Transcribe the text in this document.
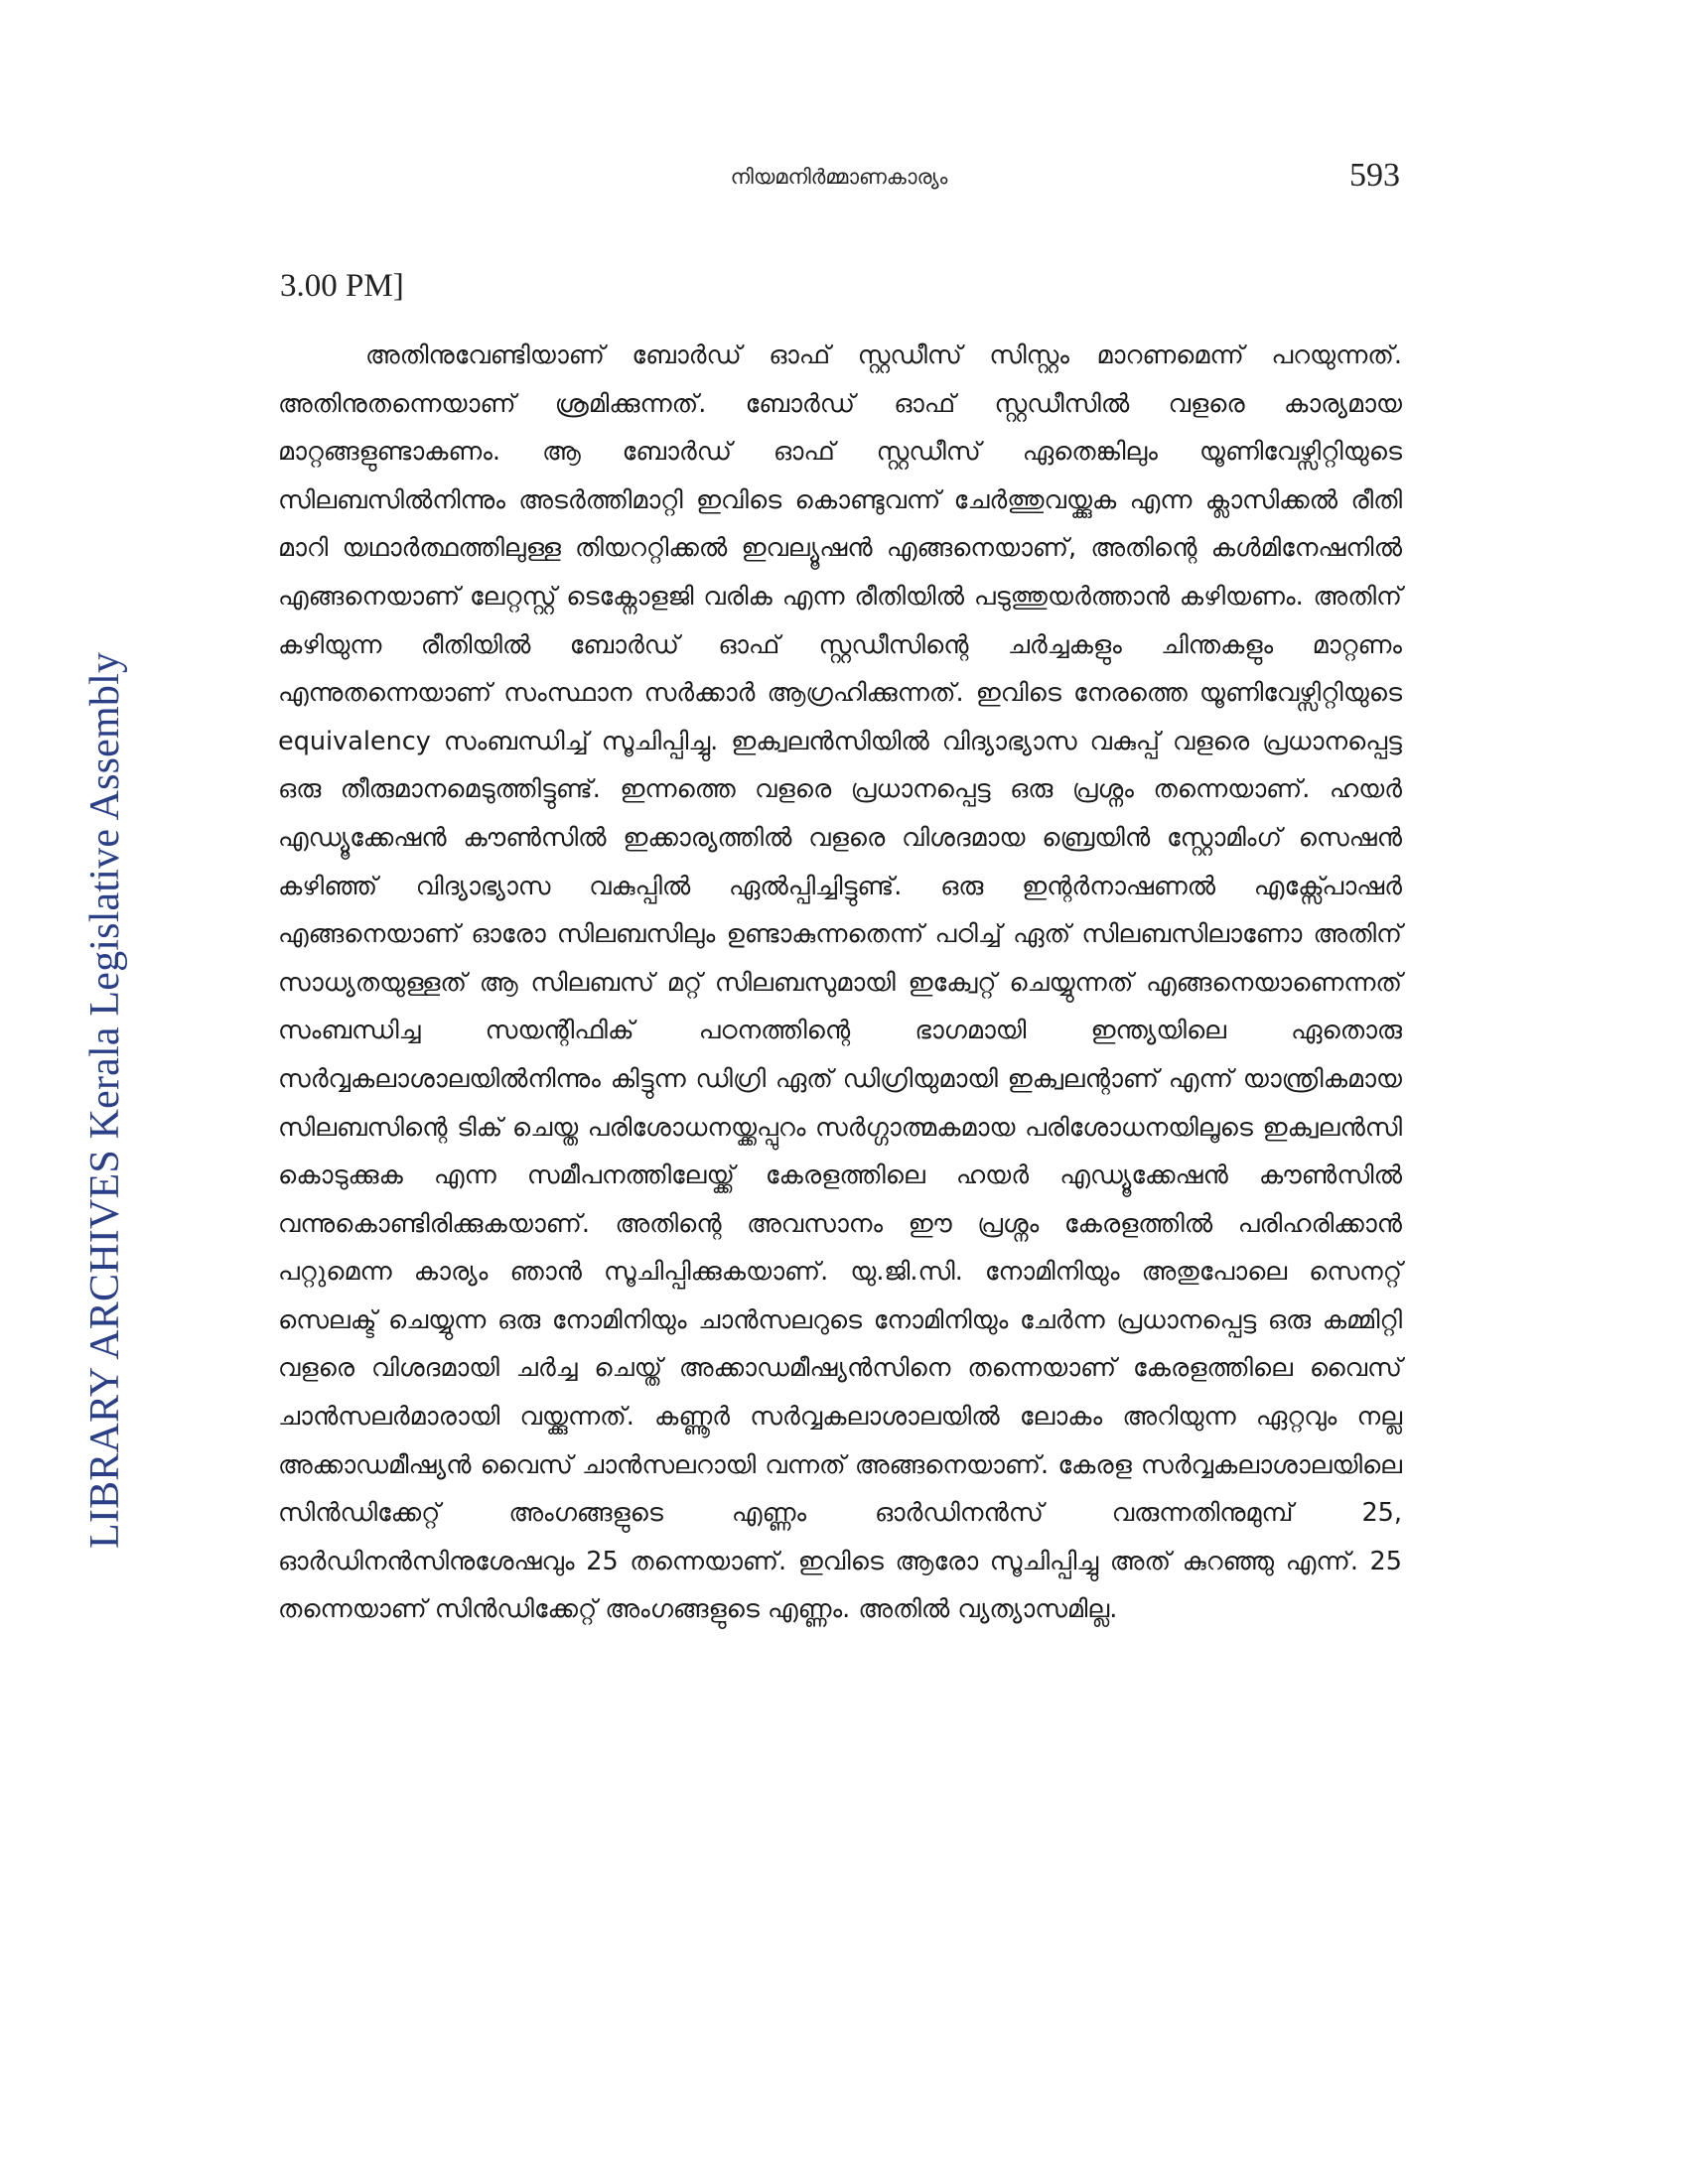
നിയമനിർമ്മാണകാര്യം	593
LIBRARY ARCHIVES Kerala Legislative Assembly
3.00 PM]

അതിനുവേണ്ടിയാണ് ബോർഡ് ഓഫ് സ്റ്റഡീസ് സിസ്റ്റം മാറണമെന്ന് പറയുന്നത്. അതിനുതന്നെയാണ് ശ്രമിക്കുന്നത്. ബോർഡ് ഓഫ് സ്റ്റഡീസിൽ വളരെ കാര്യമായ മാറ്റങ്ങളുണ്ടാകണം. ആ ബോർഡ് ഓഫ് സ്റ്റഡീസ് ഏതെങ്കിലും യൂണിവേഴ്സിറ്റിയുടെ സിലബസിൽനിന്നും അടർത്തിമാറ്റി ഇവിടെ കൊണ്ടുവന്ന് ചേർത്തുവയ്ക്കുക എന്ന ക്ലാസിക്കൽ രീതി മാറി യഥാർത്ഥത്തിലുള്ള തിയററ്റിക്കൽ ഇവല്യൂഷൻ എങ്ങനെയാണ്, അതിന്റെ കൾമിനേഷനിൽ എങ്ങനെയാണ് ലേറ്റസ്റ്റ് ടെക്നോളജി വരിക എന്ന രീതിയിൽ പടുത്തുയർത്താൻ കഴിയണം. അതിന് കഴിയുന്ന രീതിയിൽ ബോർഡ് ഓഫ് സ്റ്റഡീസിന്റെ ചർച്ചകളും ചിന്തകളും മാറ്റണം എന്നുതന്നെയാണ് സംസ്ഥാന സർക്കാർ ആഗ്രഹിക്കുന്നത്. ഇവിടെ നേരത്തെ യൂണിവേഴ്സിറ്റിയുടെ equivalency സംബന്ധിച്ച് സൂചിപ്പിച്ചു. ഇക്വലൻസിയിൽ വിദ്യാഭ്യാസ വകുപ്പ് വളരെ പ്രധാനപ്പെട്ട ഒരു തീരുമാനമെടുത്തിട്ടുണ്ട്. ഇന്നത്തെ വളരെ പ്രധാനപ്പെട്ട ഒരു പ്രശ്നം തന്നെയാണ്. ഹയർ എഡ്യൂക്കേഷൻ കൗൺസിൽ ഇക്കാര്യത്തിൽ വളരെ വിശദമായ ബ്രെയിൻ സ്റ്റോമിംഗ് സെഷൻ കഴിഞ്ഞ് വിദ്യാഭ്യാസ വകുപ്പിൽ ഏൽപ്പിച്ചിട്ടുണ്ട്. ഒരു ഇന്റർനാഷണൽ എക്സ്പോഷർ എങ്ങനെയാണ് ഓരോ സിലബസിലും ഉണ്ടാകുന്നതെന്ന് പഠിച്ച് ഏത് സിലബസിലാണോ അതിന് സാധ്യതയുള്ളത് ആ സിലബസ് മറ്റ് സിലബസുമായി ഇക്വേറ്റ് ചെയ്യുന്നത് എങ്ങനെയാണെന്നത് സംബന്ധിച്ച സയന്റിഫിക് പഠനത്തിന്റെ ഭാഗമായി ഇന്ത്യയിലെ ഏതൊരു സർവ്വകലാശാലയിൽനിന്നും കിട്ടുന്ന ഡിഗ്രി ഏത് ഡിഗ്രിയുമായി ഇക്വലന്റാണ് എന്ന് യാന്ത്രികമായ സിലബസിന്റെ ടിക് ചെയ്ത പരിശോധനയ്ക്കപ്പുറം സർഗ്ഗാത്മകമായ പരിശോധനയിലൂടെ ഇക്വലൻസി കൊടുക്കുക എന്ന സമീപനത്തിലേയ്ക്ക് കേരളത്തിലെ ഹയർ എഡ്യൂക്കേഷൻ കൗൺസിൽ വന്നുകൊണ്ടിരിക്കുകയാണ്. അതിന്റെ അവസാനം ഈ പ്രശ്നം കേരളത്തിൽ പരിഹരിക്കാൻ പറ്റുമെന്ന കാര്യം ഞാൻ സൂചിപ്പിക്കുകയാണ്. യു.ജി.സി. നോമിനിയും അതുപോലെ സെനറ്റ് സെലക്ട് ചെയ്യുന്ന ഒരു നോമിനിയും ചാൻസലറുടെ നോമിനിയും ചേർന്ന പ്രധാനപ്പെട്ട ഒരു കമ്മിറ്റി വളരെ വിശദമായി ചർച്ച ചെയ്ത് അക്കാഡമീഷ്യൻസിനെ തന്നെയാണ് കേരളത്തിലെ വൈസ് ചാൻസലർമാരായി വയ്ക്കുന്നത്. കണ്ണൂർ സർവ്വകലാശാലയിൽ ലോകം അറിയുന്ന ഏറ്റവും നല്ല അക്കാഡമീഷ്യൻ വൈസ് ചാൻസലറായി വന്നത് അങ്ങനെയാണ്. കേരള സർവ്വകലാശാലയിലെ സിൻഡിക്കേറ്റ് അംഗങ്ങളുടെ എണ്ണം ഓർഡിനൻസ് വരുന്നതിനുമുമ്പ് 25, ഓർഡിനൻസിനുശേഷവും 25 തന്നെയാണ്. ഇവിടെ ആരോ സൂചിപ്പിച്ചു അത് കുറഞ്ഞു എന്ന്. 25 തന്നെയാണ് സിൻഡിക്കേറ്റ് അംഗങ്ങളുടെ എണ്ണം. അതിൽ വ്യത്യാസമില്ല.
